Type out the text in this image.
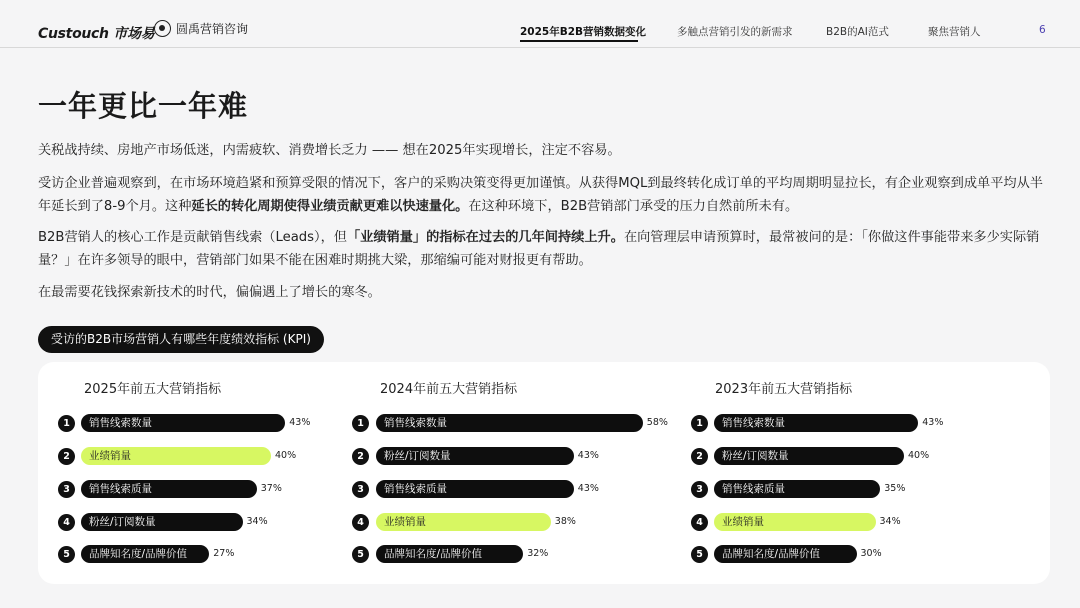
Custouch 市场易 圆禹营销咨询	2025年B2B营销数据变化	多触点营销引发的新需求	B2B的AI范式	聚焦营销人	6
一年更比一年难
关税战持续、房地产市场低迷，内需疲软、消费增长乏力 —— 想在2025年实现增长，注定不容易。
受访企业普遍观察到，在市场环境趋紧和预算受限的情况下，客户的采购决策变得更加谨慎。从获得MQL到最终转化成订单的平均周期明显拉长，有企业观察到成单平均从半年延长到了8-9个月。这种延长的转化周期使得业绩贡献更难以快速量化。在这种环境下，B2B营销部门承受的压力自然前所未有。
B2B营销人的核心工作是贡献销售线索（Leads），但「业绩销量」的指标在过去的几年间持续上升。在向管理层申请预算时，最常被问的是：「你做这件事能带来多少实际销量？」在许多领导的眼中，营销部门如果不能在困难时期挑大梁，那缩编可能对财报更有帮助。
在最需要花钱探索新技术的时代，偏偏遇上了增长的寒冬。
受访的B2B市场营销人有哪些年度绩效指标 (KPI)
2025年前五大营销指标
1	销售线索数量	43%
2	业绩销量	40%
3	销售线索质量	37%
4	粉丝/订阅数量	34%
5	品牌知名度/品牌价值	27%
2024年前五大营销指标
1	销售线索数量	58%
2	粉丝/订阅数量	43%
3	销售线索质量	43%
4	业绩销量	38%
5	品牌知名度/品牌价值	32%
2023年前五大营销指标
1	销售线索数量	43%
2	粉丝/订阅数量	40%
3	销售线索质量	35%
4	业绩销量	34%
5	品牌知名度/品牌价值	30%
